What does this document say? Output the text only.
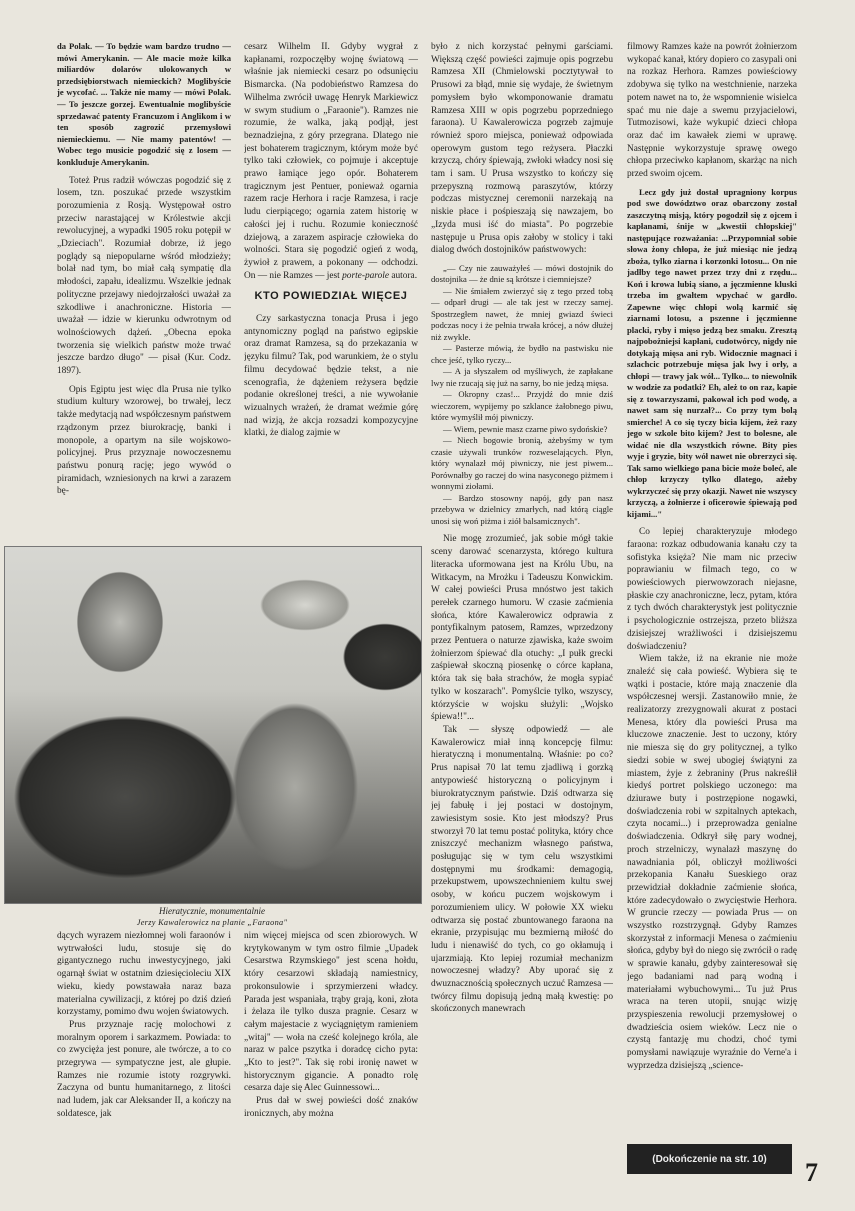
da Polak. — To będzie wam bardzo trudno — mówi Amerykanin. — Ale macie może kilka miliardów dolarów ulokowanych w przedsiębiorstwach niemieckich? Moglibyście je wycofać. ... Także nie mamy — mówi Polak. — To jeszcze gorzej. Ewentualnie moglibyście sprzedawać patenty Francuzom i Anglikom i w ten sposób zagrozić przemysłowi niemieckiemu. — Nie mamy patentów! — Wobec tego musicie pogodzić się z losem — konkluduje Amerykanin.

Toteż Prus radził wówczas pogodzić się z losem, tzn. poszukać przede wszystkim porozumienia z Rosją. Występował ostro przeciw narastającej w Królestwie akcji rewolucyjnej, a wypadki 1905 roku potępił w „Dzieciach". Rozumiał dobrze, iż jego poglądy są niepopularne wśród młodzieży; bolał nad tym, bo miał całą sympatię dla młodości, zapału, idealizmu. Wszelkie jednak polityczne przejawy niedojrzałości uważał za szkodliwe i anachroniczne. Historia — uważał — idzie w kierunku odwrotnym od wolnościowych dążeń. „Obecna epoka tworzenia się wielkich państw może trwać jeszcze bardzo długo" — pisał (Kur. Codz. 1897).

Opis Egiptu jest więc dla Prusa nie tylko studium kultury wzorowej, bo trwałej, lecz także medytacją nad współczesnym państwem rządzonym przez biurokrację, banki i monopole, a opartym na sile wojskowo-policyjnej. Prus przyznaje nowoczesnemu państwu ponurą rację; jego wywód o piramidach, wzniesionych na krwi a zarazem bę-

cesarz Wilhelm II. Gdyby wygrał z kapłanami, rozpoczęłby wojnę światową — właśnie jak niemiecki cesarz po odsunięciu Bismarcka. (Na podobieństwo Ramzesa do Wilhelma zwrócił uwagę Henryk Markiewicz w swym studium o „Faraonie"). Ramzes nie rozumie, że walka, jaką podjął, jest beznadziejna, z góry przegrana. Dlatego nie jest bohaterem tragicznym, którym może być tylko taki człowiek, co pojmuje i akceptuje prawo łamiące jego opór. Bohaterem tragicznym jest Pentuer, ponieważ ogarnia razem racje Herhora i racje Ramzesa, i racje ludu cierpiącego; ogarnia zatem historię w całości jej i ruchu. Rozumie konieczność dziejową, a zarazem aspiracje człowieka do wolności. Stara się pogodzić ogień z wodą, żywioł z prawem, a pokonany — odchodzi. On — nie Ramzes — jest porte-parole autora.

KTO POWIEDZIAŁ WIĘCEJ

Czy sarkastyczna tonacja Prusa i jego antynomiczny pogląd na państwo egipskie oraz dramat Ramzesa, są do przekazania w języku filmu? Tak, pod warunkiem, że o stylu filmu decydować będzie tekst, a nie scenografia, że dążeniem reżysera będzie podanie określonej treści, a nie wywołanie wizualnych wrażeń, że dramat weźmie górę nad wizją, że akcja rozsadzi kompozycyjne klatki, że dialog zajmie w

Hieratycznie, monumentalnie
Jerzy Kawalerowicz na planie „Faraona"

dących wyrazem niezłomnej woli faraonów i wytrwałości ludu, stosuje się do gigantycznego ruchu inwestycyjnego, jaki ogarnął świat w ostatnim dziesięcioleciu XIX wieku, kiedy powstawała naraz baza materialna cywilizacji, z której po dziś dzień korzystamy, pomimo dwu wojen światowych.

Prus przyznaje rację molochowi z moralnym oporem i sarkazmem. Powiada: to co zwycięża jest ponure, ale twórcze, a to co przegrywa — sympatyczne jest, ale głupie. Ramzes nie rozumie istoty rozgrywki. Zaczyna od buntu humanitarnego, z litości nad ludem, jak car Aleksander II, a kończy na soldatesce, jak

nim więcej miejsca od scen zbiorowych. W krytykowanym w tym ostro filmie „Upadek Cesarstwa Rzymskiego" jest scena hołdu, który cesarzowi składają namiestnicy, prokonsulowie i sprzymierzeni władcy. Parada jest wspaniała, trąby grają, koni, złota i żelaza ile tylko dusza pragnie. Cesarz w całym majestacie z wyciągniętym ramieniem „witaj" — woła na cześć kolejnego króla, ale naraz w palce pszytka i doradcę cicho pyta: „Kto to jest?". Tak się robi ironię nawet w historycznym gigancie. A ponadto rolę cesarza daje się Alec Guinnessowi...

Prus dał w swej powieści dość znaków ironicznych, aby można

było z nich korzystać pełnymi garściami. Większą część powieści zajmuje opis pogrzebu Ramzesa XII (Chmielowski pocztytywał to Prusowi za błąd, mnie się wydaje, że świetnym pomysłem było wkomponowanie dramatu Ramzesa XIII w opis pogrzebu poprzedniego faraona). U Kawalerowicza pogrzeb zajmuje również sporo miejsca, ponieważ odpowiada operowym gustom tego reżysera. Płaczki krzyczą, chóry śpiewają, zwłoki władcy nosi się tam i sam. U Prusa wszystko to kończy się przepyszną rozmową paraszytów, którzy podczas mistycznej ceremonii narzekają na niskie płace i pośpieszają się nawzajem, bo „Izyda musi iść do miasta". Po pogrzebie następuje u Prusa opis załoby w stolicy i taki dialog dwóch dostojników państwowych:

„— Czy nie zauważyłeś — mówi dostojnik do dostojnika — że dnie są krótsze i ciemniejsze?

— Nie śmiałem zwierzyć się z tego przed tobą — odparł drugi — ale tak jest w rzeczy samej. Spostrzegłem nawet, że mniej gwiazd świeci podczas nocy i że pełnia trwała krócej, a nów dłużej niż zwykle.

— Pasterze mówią, że bydło na pastwisku nie chce jeść, tylko ryczy...

— A ja słyszałem od myśliwych, że zapłakane lwy nie rzucają się już na sarny, bo nie jedzą mięsa.

— Okropny czas!... Przyjdź do mnie dziś wieczorem, wypijemy po szklance żałobnego piwu, które wymyślił mój piwniczy.

— Wiem, pewnie masz czarne piwo sydońskie?

— Niech bogowie bronią, ażebyśmy w tym czasie używali trunków rozweselających. Płyn, który wynalazł mój piwniczy, nie jest piwem... Porównałby go raczej do wina nasyconego piżmem i wonnymi ziołami.

— Bardzo stosowny napój, gdy pan nasz przebywa w dzielnicy zmarłych, nad którą ciągle unosi się woń piżma i ziół balsamicznych".

Nie mogę zrozumieć, jak sobie mógł takie sceny darować scenarzysta, którego kultura literacka uformowana jest na Królu Ubu, na Witkacym, na Mrożku i Tadeuszu Konwickim. W całej powieści Prusa mnóstwo jest takich perełek czarnego humoru. W czasie zaćmienia słońca, które Kawalerowicz odprawia z pontyfikalnym patosem, Ramzes, wprzedzony przez Pentuera o naturze zjawiska, każe swoim żołnierzom śpiewać dla otuchy: „I pułk grecki zaśpiewał skoczną piosenkę o córce kapłana, która tak się bała strachów, że mogła sypiać tylko w koszarach". Pomyślcie tylko, wszyscy, którzyście w wojsku służyli: „Wojsko śpiewa!!"...

Tak — słyszę odpowiedź — ale Kawalerowicz miał inną koncepcję filmu: hieratyczną i monumentalną. Właśnie: po co? Prus napisał 70 lat temu zjadliwą i gorzką antypowieść historyczną o policyjnym i biurokratycznym państwie. Dziś odtwarza się jej fabułę i jej postaci w dostojnym, zawiesistym sosie. Kto jest młodszy? Prus stworzył 70 lat temu postać polityka, który chce zniszczyć mechanizm własnego państwa, posługując się w tym celu wszystkimi dostępnymi mu środkami: demagogią, przekupstwem, upowszechnieniem kultu swej osoby, w końcu puczem wojskowym i porozumieniem ulicy. W połowie XX wieku odtwarza się postać zbuntowanego faraona na ekranie, przypisując mu bezmierną miłość do ludu i nienawiść do tych, co go okłamują i ujarzmiają. Kto lepiej rozumiał mechanizm nowoczesnej władzy? Aby uporać się z dwuznacznością społecznych uczuć Ramzesa — twórcy filmu dopisują jedną małą kwestię: po skończonych manewrach

filmowy Ramzes każe na powrót żołnierzom wykopać kanał, który dopiero co zasypali oni na rozkaz Herhora. Ramzes powieściowy zdobywa się tylko na westchnienie, narzeka potem nawet na to, że wspomnienie wisielca spać mu nie daje a swemu przyjacielowi, Tutmozisowi, każe wykupić dzieci chłopa oraz dać im kawałek ziemi w uprawę. Następnie wykorzystuje sprawę owego chłopa przeciwko kapłanom, skarżąc na nich przed swoim ojcem.

Lecz gdy już dostał upragniony korpus pod swe dowództwo oraz obarczony został zaszczytną misją, który pogodził się z ojcem i kapłanami, śnije w „kwestii chłopskiej" następujące rozważania: ...Przypomniał sobie słowa żony chłopa, że już miesiąc nie jedzą zboża, tylko ziarna i korzonki lotosu... On nie jadłby tego nawet przez trzy dni z rzędu... Koń i krowa lubią siano, a jęczmienne kluski trzeba im gwałtem wpychać w gardło. Zapewne więc chłopi wolą karmić się ziarnami lotosu, a pszenne i jęczmienne placki, ryby i mięso jedzą bez smaku. Zresztą najpobożniejsi kapłani, cudotwórcy, nigdy nie dotykają mięsa ani ryb. Widocznie magnaci i szlachcic potrzebuje mięsa jak lwy i orły, a chłopi — trawy jak wół... Tylko... to niewolnik w wodzie za podatki? Eh, ależ to on raz, kapie się z towarzyszami, pakował ich pod wodę, a nawet sam się nurzał?... Co przy tym bolą smierche! A co się tyczy bicia kijem, żeż razy jego w szkole bito kijem? Jest to bolesne, ale widać nie dla wszystkich równe. Bity pies wyje i gryzie, bity wół nawet nie obrerzyci się. Tak samo wielkiego pana bicie może boleć, ale chłop krzyczy tylko dlatego, ażeby wykrzyczeć się przy okazji. Nawet nie wszyscy krzyczą, a żołnierze i oficerowie śpiewają pod kijami..."

Co lepiej charakteryzuje młodego faraona: rozkaz odbudowania kanału czy ta sofistyka księża? Nie mam nic przeciw poprawianiu w filmach tego, co w powieściowych pierwowzorach niejasne, płaskie czy anachroniczne, lecz, pytam, która z tych dwóch charakterystyk jest politycznie i psychologicznie ostrzejsza, przeto bliższa dzisiejszej wrażliwości i dzisiejszemu doświadczeniu?

Wiem także, iż na ekranie nie może znaleźć się cała powieść. Wybiera się te wątki i postacie, które mają znaczenie dla współczesnej wersji. Zastanowiło mnie, że realizatorzy zrezygnowali akurat z postaci Menesa, który dla powieści Prusa ma kluczowe znaczenie. Jest to uczony, który nie miesza się do gry politycznej, a tylko siedzi sobie w swej ubogiej świątyni za miastem, żyje z żebraniny (Prus nakreślił kiedyś portret polskiego uczonego: ma dziurawe buty i postrzępione nogawki, doświadczenia robi w szpitalnych aptekach, czyta nocami...) i przeprowadza genialne doświadczenia. Odkrył siłę pary wodnej, proch strzelniczy, wynalazł maszynę do nawadniania pól, obliczył możliwości przekopania Kanału Sueskiego oraz przewidział dokładnie zaćmienie słońca, które zadecydowało o zwycięstwie Herhora. W gruncie rzeczy — powiada Prus — on wszystko rozstrzygnął. Gdyby Ramzes skorzystał z informacji Menesa o zaćmieniu słońca, gdyby był do niego się zwrócił o radę w sprawie kanału, gdyby zainteresował się jego badaniami nad parą wodną i materiałami wybuchowymi... Tu już Prus wraca na teren utopii, snując wizję przyspieszenia rewolucji przemysłowej o dwadzieścia osiem wieków. Lecz nie o czystą fantazję mu chodzi, choć tymi pomysłami nawiązuje wyraźnie do Verne'a i wyprzedza dzisiejszą „science-

(Dokończenie na str. 10)	7
